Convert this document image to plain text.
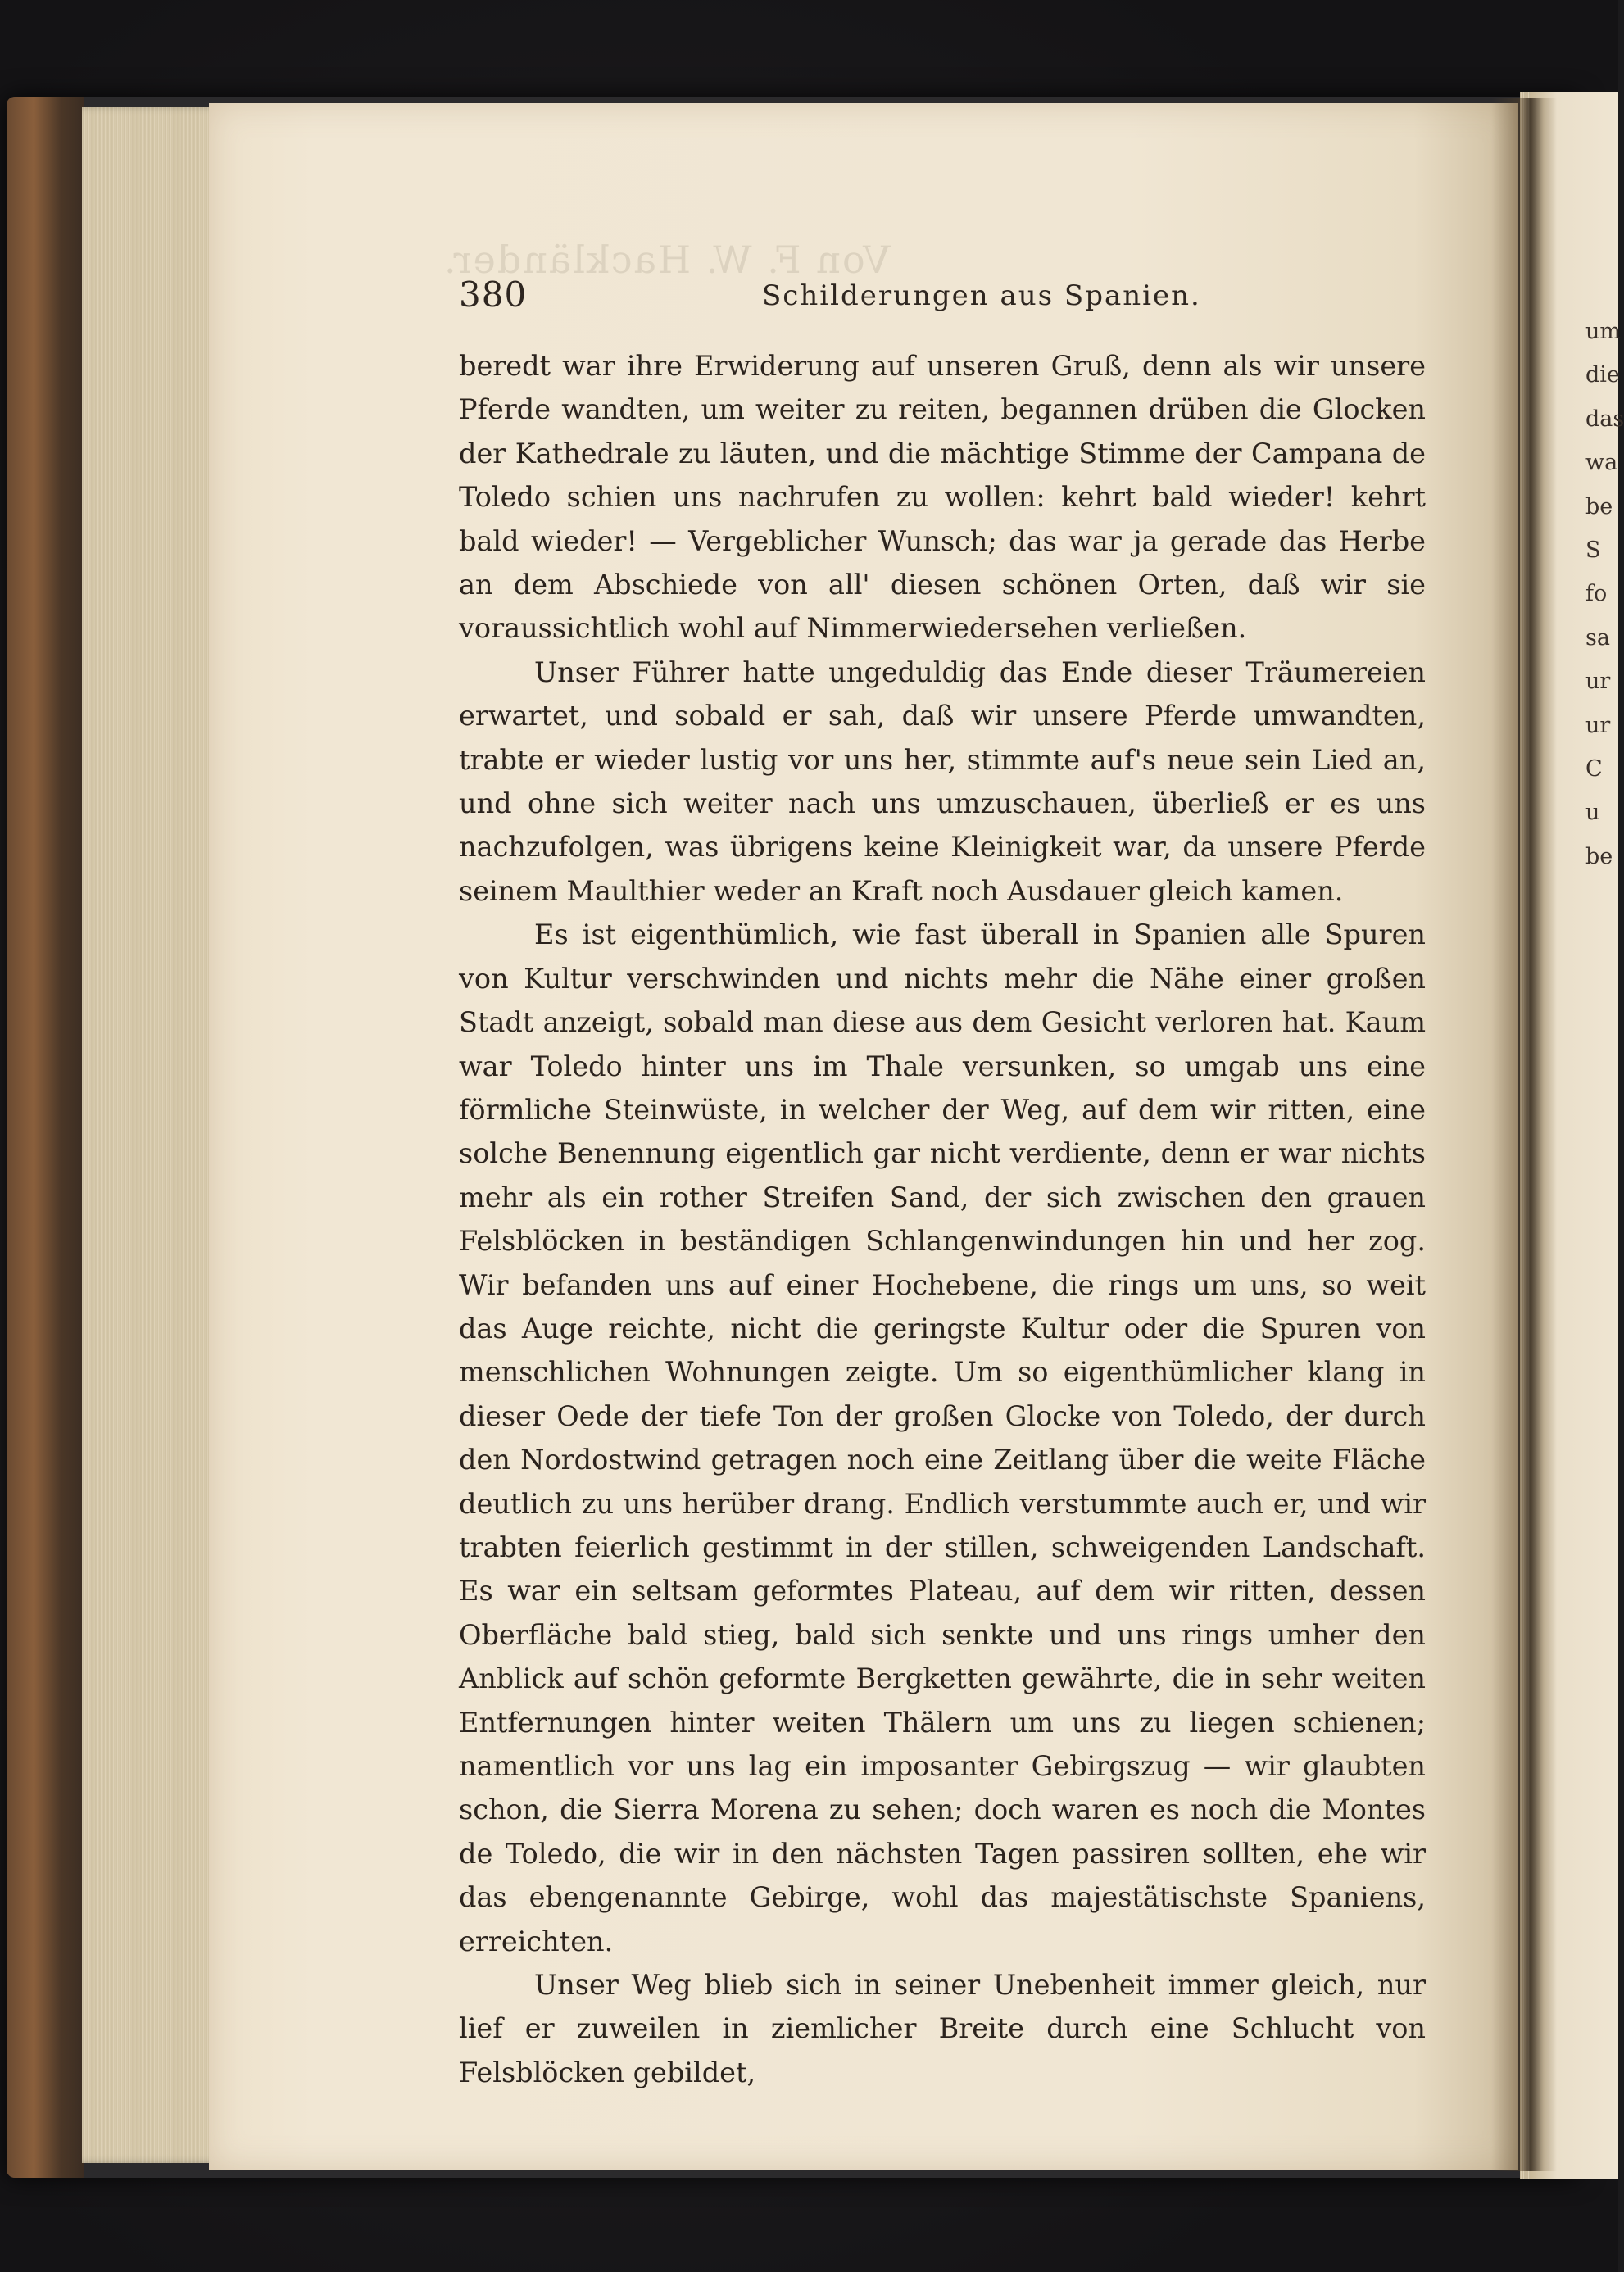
Von F. W. Hackländer.
380	Schilderungen aus Spanien.

beredt war ihre Erwiderung auf unseren Gruß, denn als wir unsere Pferde wandten, um weiter zu reiten, begannen drüben die Glocken der Kathedrale zu läuten, und die mächtige Stimme der Campana de Toledo schien uns nachrufen zu wollen: kehrt bald wieder! kehrt bald wieder! — Vergeblicher Wunsch; das war ja gerade das Herbe an dem Abschiede von all' diesen schönen Orten, daß wir sie voraussichtlich wohl auf Nimmerwiedersehen verließen.

Unser Führer hatte ungeduldig das Ende dieser Träumereien erwartet, und sobald er sah, daß wir unsere Pferde umwandten, trabte er wieder lustig vor uns her, stimmte auf's neue sein Lied an, und ohne sich weiter nach uns umzuschauen, überließ er es uns nachzufolgen, was übrigens keine Kleinigkeit war, da unsere Pferde seinem Maulthier weder an Kraft noch Ausdauer gleich kamen.

Es ist eigenthümlich, wie fast überall in Spanien alle Spuren von Kultur verschwinden und nichts mehr die Nähe einer großen Stadt anzeigt, sobald man diese aus dem Gesicht verloren hat. Kaum war Toledo hinter uns im Thale versunken, so umgab uns eine förmliche Steinwüste, in welcher der Weg, auf dem wir ritten, eine solche Benennung eigentlich gar nicht verdiente, denn er war nichts mehr als ein rother Streifen Sand, der sich zwischen den grauen Felsblöcken in beständigen Schlangenwindungen hin und her zog. Wir befanden uns auf einer Hochebene, die rings um uns, so weit das Auge reichte, nicht die geringste Kultur oder die Spuren von menschlichen Wohnungen zeigte. Um so eigenthümlicher klang in dieser Oede der tiefe Ton der großen Glocke von Toledo, der durch den Nordostwind getragen noch eine Zeitlang über die weite Fläche deutlich zu uns herüber drang. Endlich verstummte auch er, und wir trabten feierlich gestimmt in der stillen, schweigenden Landschaft. Es war ein seltsam geformtes Plateau, auf dem wir ritten, dessen Oberfläche bald stieg, bald sich senkte und uns rings umher den Anblick auf schön geformte Bergketten gewährte, die in sehr weiten Entfernungen hinter weiten Thälern um uns zu liegen schienen; namentlich vor uns lag ein imposanter Gebirgszug — wir glaubten schon, die Sierra Morena zu sehen; doch waren es noch die Montes de Toledo, die wir in den nächsten Tagen passiren sollten, ehe wir das ebengenannte Gebirge, wohl das majestätischste Spaniens, erreichten.

Unser Weg blieb sich in seiner Unebenheit immer gleich, nur lief er zuweilen in ziemlicher Breite durch eine Schlucht von Felsblöcken gebildet,

um
die
das
wa
be
S
fo
sa
ur
ur
C
u
be
